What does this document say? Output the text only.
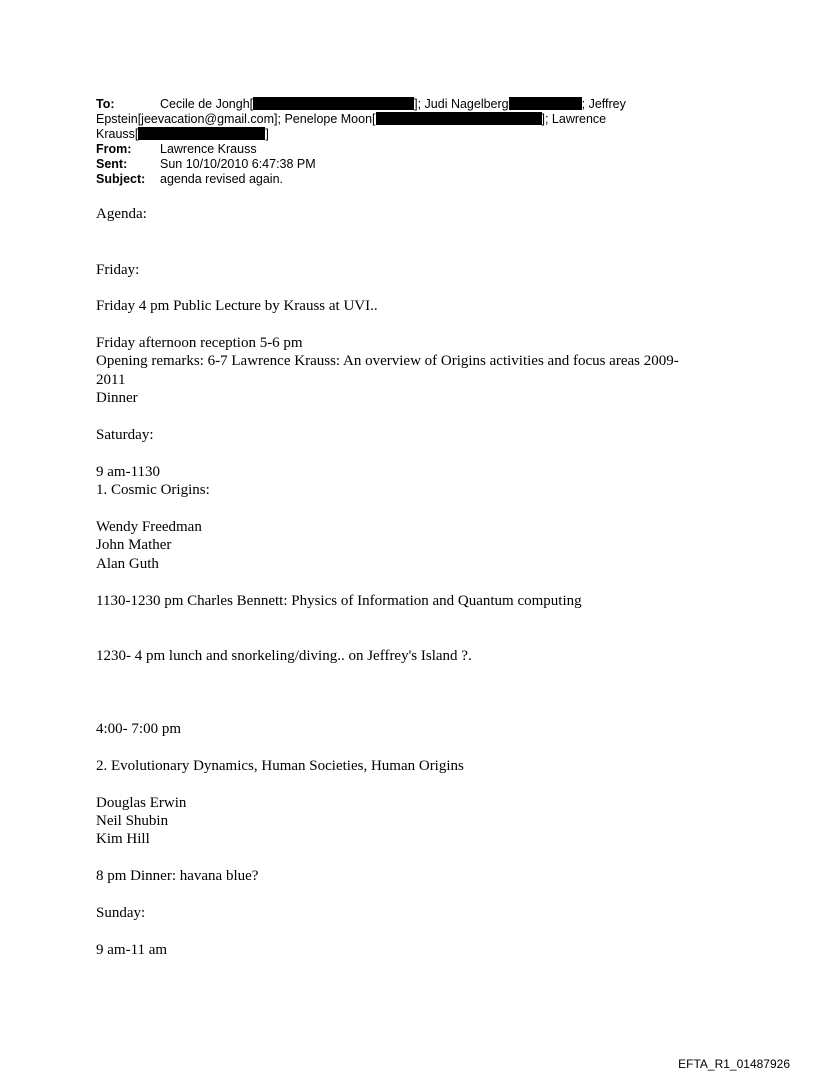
To:	Cecile de Jongh[	]; Judi Nagelberg	; Jeffrey
Epstein[jeevacation@gmail.com]; Penelope Moon[	]; Lawrence
Krauss[	]
From: Lawrence Krauss
Sent:	Sun 10/10/2010 6:47:38 PM
Subject: agenda revised again.
Agenda:
Friday:
Friday 4 pm Public Lecture by Krauss at UVI..
Friday afternoon reception 5-6 pm
Opening remarks: 6-7 Lawrence Krauss: An overview of Origins activities and focus areas 2009-
2011
Dinner
Saturday:
9 am-1130
1. Cosmic Origins:
Wendy Freedman
John Mather
Alan Guth
1130-1230 pm Charles Bennett: Physics of Information and Quantum computing
1230- 4 pm lunch and snorkeling/diving.. on Jeffrey's Island ?.
4:00- 7:00 pm
2. Evolutionary Dynamics, Human Societies, Human Origins
Douglas Erwin
Neil Shubin
Kim Hill
8 pm Dinner: havana blue?
Sunday:
9 am-11 am
EFTA_R1_01487926
